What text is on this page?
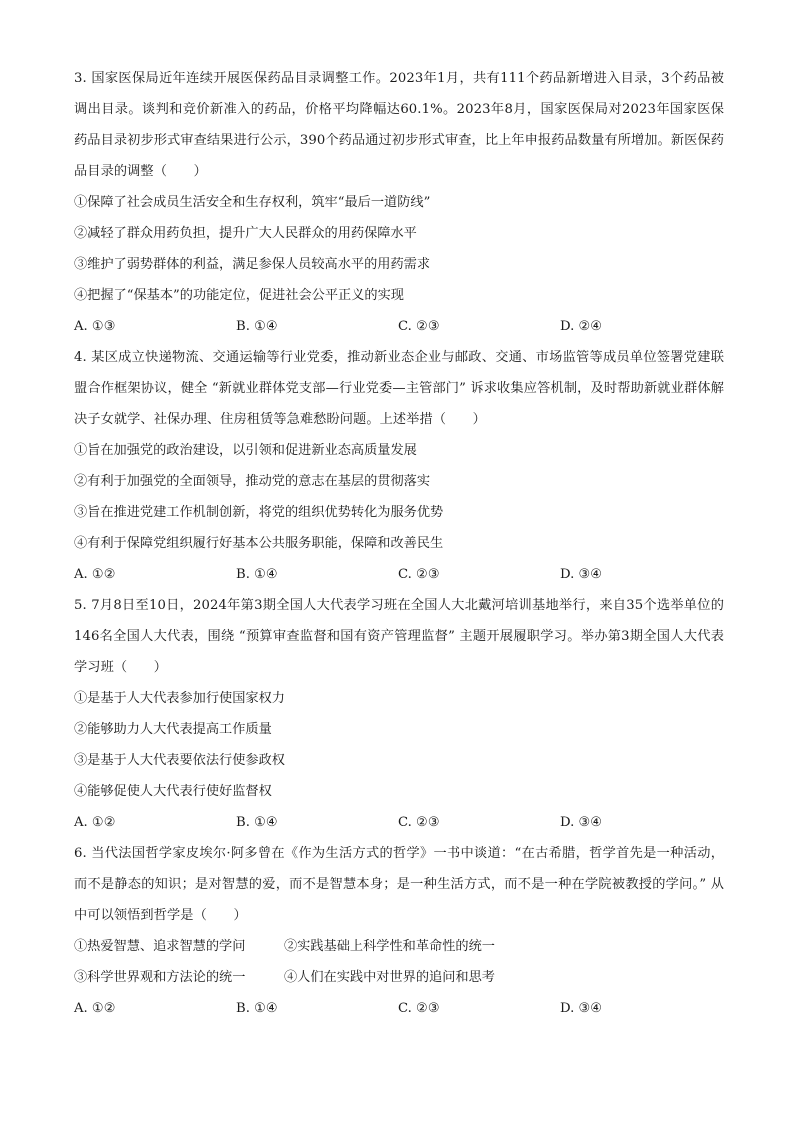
3. 国家医保局近年连续开展医保药品目录调整工作。2023年1月，共有111个药品新增进入目录，3个药品被调出目录。谈判和竞价新准入的药品，价格平均降幅达60.1%。2023年8月，国家医保局对2023年国家医保药品目录初步形式审查结果进行公示，390个药品通过初步形式审查，比上年申报药品数量有所增加。新医保药品目录的调整（　　）

①保障了社会成员生活安全和生存权利，筑牢“最后一道防线”

②减轻了群众用药负担，提升广大人民群众的用药保障水平

③维护了弱势群体的利益，满足参保人员较高水平的用药需求

④把握了“保基本”的功能定位，促进社会公平正义的实现

A. ①③	B. ①④	C. ②③	D. ②④

4. 某区成立快递物流、交通运输等行业党委，推动新业态企业与邮政、交通、市场监管等成员单位签署党建联盟合作框架协议，健全 “新就业群体党支部—行业党委—主管部门” 诉求收集应答机制，及时帮助新就业群体解决子女就学、社保办理、住房租赁等急难愁盼问题。上述举措（　　）

①旨在加强党的政治建设，以引领和促进新业态高质量发展

②有利于加强党的全面领导，推动党的意志在基层的贯彻落实

③旨在推进党建工作机制创新，将党的组织优势转化为服务优势

④有利于保障党组织履行好基本公共服务职能，保障和改善民生

A. ①②	B. ①④	C. ②③	D. ③④

5. 7月8日至10日，2024年第3期全国人大代表学习班在全国人大北戴河培训基地举行，来自35个选举单位的146名全国人大代表，围绕 “预算审查监督和国有资产管理监督” 主题开展履职学习。举办第3期全国人大代表学习班（　　）

①是基于人大代表参加行使国家权力

②能够助力人大代表提高工作质量

③是基于人大代表要依法行使参政权

④能够促使人大代表行使好监督权

A. ①②	B. ①④	C. ②③	D. ③④

6. 当代法国哲学家皮埃尔·阿多曾在《作为生活方式的哲学》一书中谈道：“在古希腊，哲学首先是一种活动，而不是静态的知识；是对智慧的爱，而不是智慧本身；是一种生活方式，而不是一种在学院被教授的学问。” 从中可以领悟到哲学是（　　）

①热爱智慧、追求智慧的学问	②实践基础上科学性和革命性的统一
③科学世界观和方法论的统一	④人们在实践中对世界的追问和思考
A. ①②	B. ①④	C. ②③	D. ③④
